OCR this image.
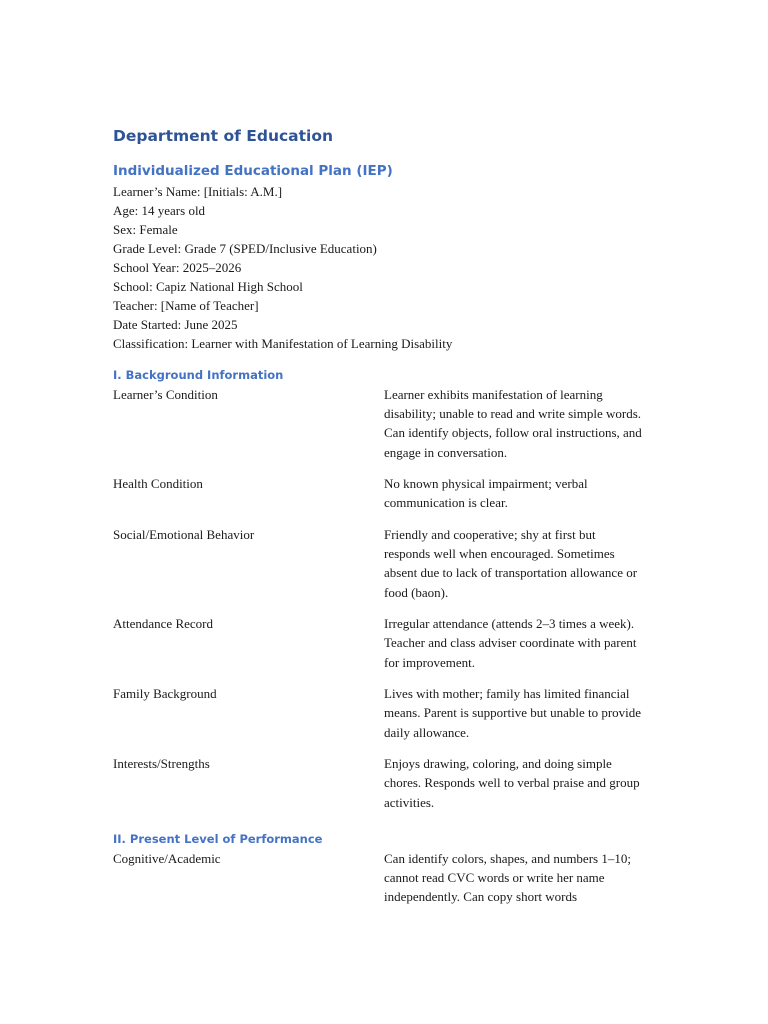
Department of Education
Individualized Educational Plan (IEP)
Learner’s Name: [Initials: A.M.]
Age: 14 years old
Sex: Female
Grade Level: Grade 7 (SPED/Inclusive Education)
School Year: 2025–2026
School: Capiz National High School
Teacher: [Name of Teacher]
Date Started: June 2025
Classification: Learner with Manifestation of Learning Disability
I. Background Information
Learner’s Condition	Learner exhibits manifestation of learning disability; unable to read and write simple words. Can identify objects, follow oral instructions, and engage in conversation.
Health Condition	No known physical impairment; verbal communication is clear.
Social/Emotional Behavior	Friendly and cooperative; shy at first but responds well when encouraged. Sometimes absent due to lack of transportation allowance or food (baon).
Attendance Record	Irregular attendance (attends 2–3 times a week). Teacher and class adviser coordinate with parent for improvement.
Family Background	Lives with mother; family has limited financial means. Parent is supportive but unable to provide daily allowance.
Interests/Strengths	Enjoys drawing, coloring, and doing simple chores. Responds well to verbal praise and group activities.
II. Present Level of Performance
Cognitive/Academic	Can identify colors, shapes, and numbers 1–10; cannot read CVC words or write her name independently. Can copy short words
